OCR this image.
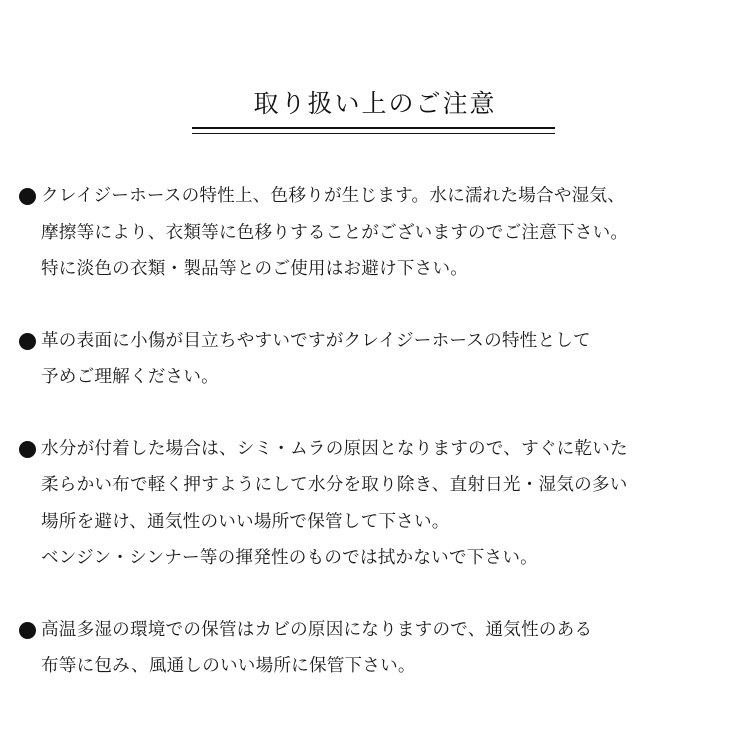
取り扱い上のご注意
クレイジーホースの特性上、色移りが生じます。水に濡れた場合や湿気、
摩擦等により、衣類等に色移りすることがございますのでご注意下さい。
特に淡色の衣類・製品等とのご使用はお避け下さい。
革の表面に小傷が目立ちやすいですがクレイジーホースの特性として
予めご理解ください。
水分が付着した場合は、シミ・ムラの原因となりますので、すぐに乾いた
柔らかい布で軽く押すようにして水分を取り除き、直射日光・湿気の多い
場所を避け、通気性のいい場所で保管して下さい。
ベンジン・シンナー等の揮発性のものでは拭かないで下さい。
高温多湿の環境での保管はカビの原因になりますので、通気性のある
布等に包み、風通しのいい場所に保管下さい。
